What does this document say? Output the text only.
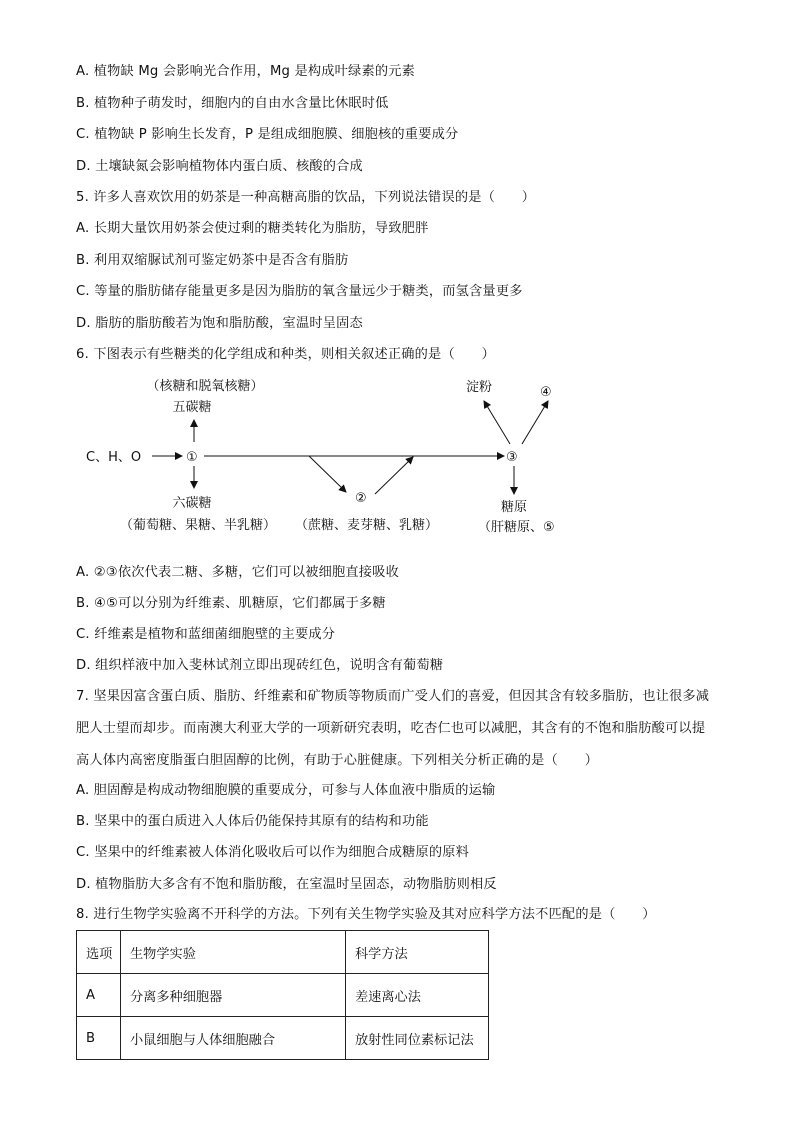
A. 植物缺 Mg 会影响光合作用，Mg 是构成叶绿素的元素
B. 植物种子萌发时，细胞内的自由水含量比休眠时低
C. 植物缺 P 影响生长发育，P 是组成细胞膜、细胞核的重要成分
D. 土壤缺氮会影响植物体内蛋白质、核酸的合成
5. 许多人喜欢饮用的奶茶是一种高糖高脂的饮品，下列说法错误的是（　　）
A. 长期大量饮用奶茶会使过剩的糖类转化为脂肪，导致肥胖
B. 利用双缩脲试剂可鉴定奶茶中是否含有脂肪
C. 等量的脂肪储存能量更多是因为脂肪的氧含量远少于糖类，而氢含量更多
D. 脂肪的脂肪酸若为饱和脂肪酸，室温时呈固态
6. 下图表示有些糖类的化学组成和种类，则相关叙述正确的是（　　）
（核糖和脱氧核糖）
五碳糖
C、H、O	①
②
③
淀粉	④
六碳糖
（葡萄糖、果糖、半乳糖） （蔗糖、麦芽糖、乳糖）
糖原
（肝糖原、⑤
A. ②③依次代表二糖、多糖，它们可以被细胞直接吸收
B. ④⑤可以分别为纤维素、肌糖原，它们都属于多糖
C. 纤维素是植物和蓝细菌细胞壁的主要成分
D. 组织样液中加入斐林试剂立即出现砖红色，说明含有葡萄糖
7. 坚果因富含蛋白质、脂肪、纤维素和矿物质等物质而广受人们的喜爱，但因其含有较多脂肪，也让很多减肥人士望而却步。而南澳大利亚大学的一项新研究表明，吃杏仁也可以减肥，其含有的不饱和脂肪酸可以提高人体内高密度脂蛋白胆固醇的比例，有助于心脏健康。下列相关分析正确的是（　　）
A. 胆固醇是构成动物细胞膜的重要成分，可参与人体血液中脂质的运输
B. 坚果中的蛋白质进入人体后仍能保持其原有的结构和功能
C. 坚果中的纤维素被人体消化吸收后可以作为细胞合成糖原的原料
D. 植物脂肪大多含有不饱和脂肪酸，在室温时呈固态，动物脂肪则相反
8. 进行生物学实验离不开科学的方法。下列有关生物学实验及其对应科学方法不匹配的是（　　）
选项	生物学实验	科学方法
A	分离多种细胞器	差速离心法
B	小鼠细胞与人体细胞融合	放射性同位素标记法
